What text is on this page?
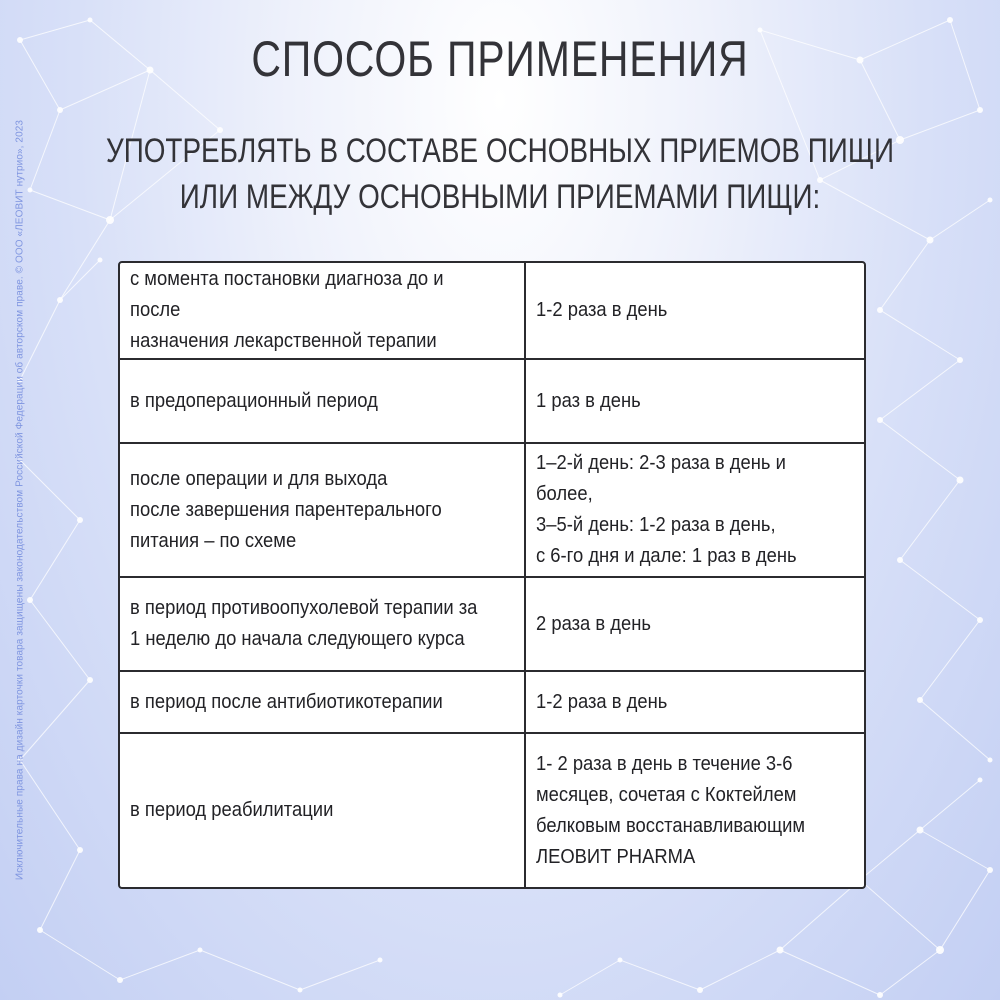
Исключительные права на дизайн карточки товара защищены законодательством Российской Федерации об авторском праве. © ООО «ЛЕОВИТ нутрио», 2023
СПОСОБ ПРИМЕНЕНИЯ
УПОТРЕБЛЯТЬ В СОСТАВЕ ОСНОВНЫХ ПРИЕМОВ ПИЩИ
ИЛИ МЕЖДУ ОСНОВНЫМИ ПРИЕМАМИ ПИЩИ:
с момента постановки диагноза до и после
назначения лекарственной терапии	1-2 раза в день

в предоперационный период	1 раз в день

после операции и для выхода
после завершения парентерального
питания – по схеме	1–2-й день: 2-3 раза в день и более,
3–5-й день: 1-2 раза в день,
с 6-го дня и дале: 1 раз в день

в период противоопухолевой терапии за
1 неделю до начала следующего курса	2 раза в день

в период после антибиотикотерапии	1-2 раза в день

в период реабилитации	1- 2 раза в день в течение 3-6
месяцев, сочетая с Коктейлем
белковым восстанавливающим
ЛЕОВИТ PHARMA
